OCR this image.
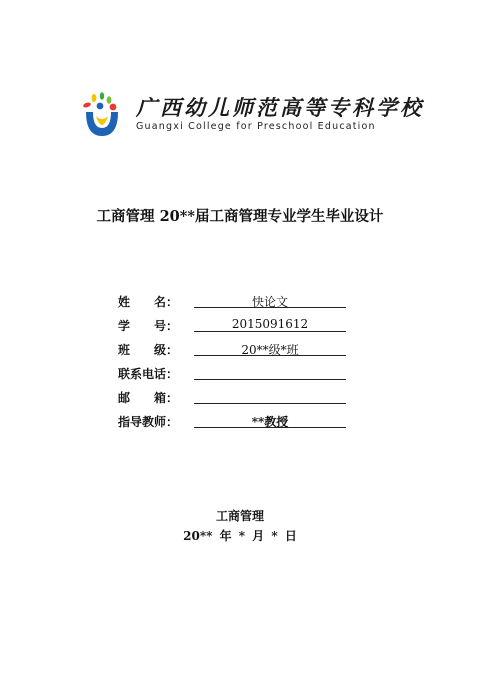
广西幼儿师范高等专科学校
Guangxi College for Preschool Education
工商管理 20**届工商管理专业学生毕业设计
姓　　名：	快论文
学　　号：	2015091612
班　　级：	20**级*班
联系电话：
邮　　箱：
指导教师：	**教授
工商管理
20** 年 * 月 * 日
